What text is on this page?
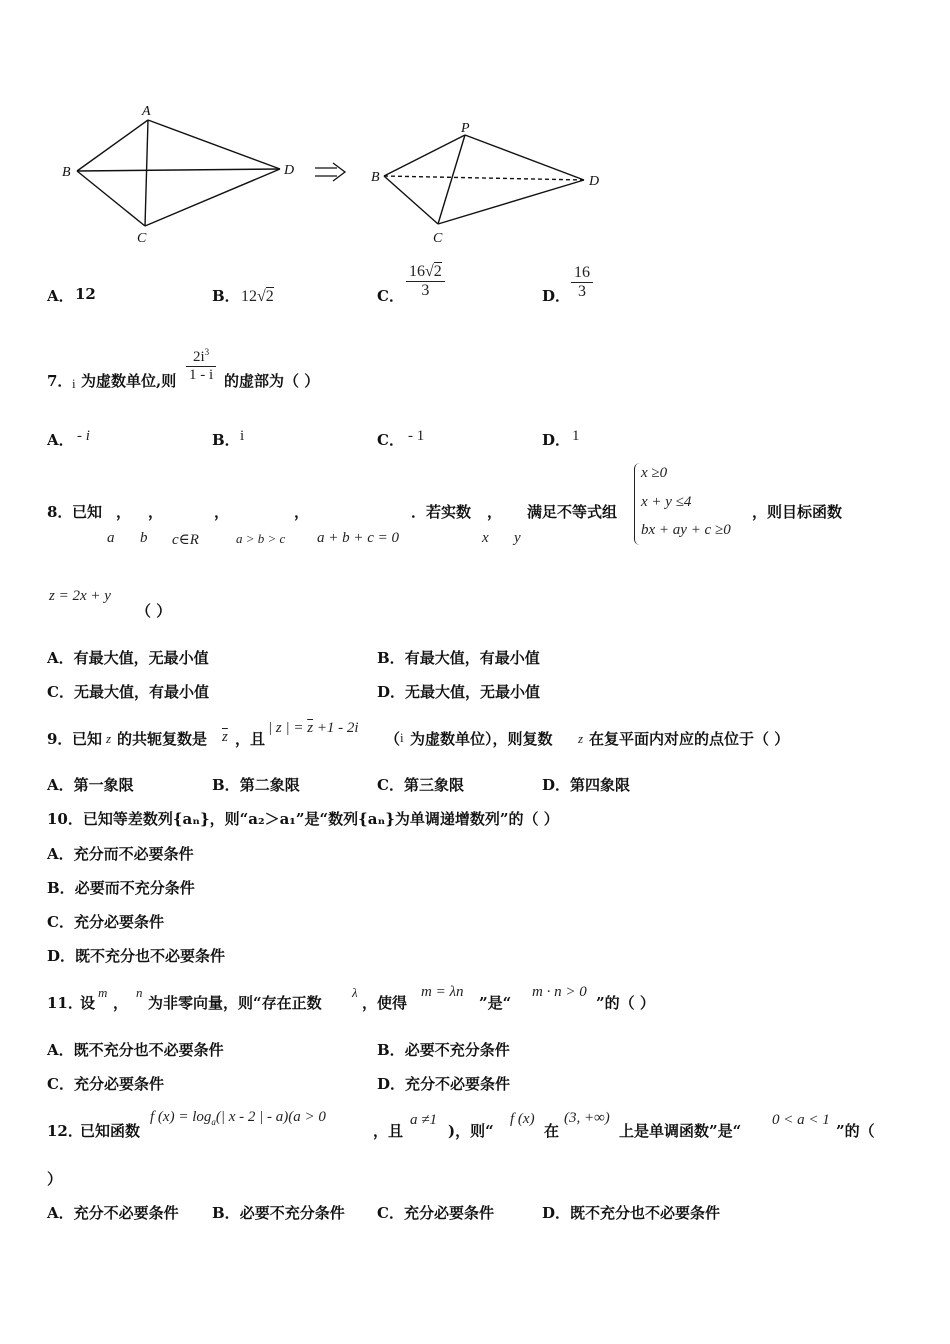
A
B
C
D
P
B
C
D
A． 12	B． 12√2	C． $\frac{16√2}{3}$	D． $\frac{16}{3}$
7． i 为虚数单位,则 $\frac{2i^3}{1 - i}$ 的虚部为（ ）
A． - i	B． i	C． - 1	D． 1
8． 已知 ， ，	，	，	．若实数 ， 满足不等式组	，则目标函数
a b c∈R	a > b > c a + b + c = 0	x y
x ≥0
x + y ≤4
bx + ay + c ≥0
z = 2x + y
（ ）
A．有最大值，无最小值	B．有最大值，有最小值
C．无最大值，有最小值	D．无最大值，无最小值
9． 已知 z 的共轭复数是 $\overline{z}$ ，且
| z | = $\overline{z} +1 - 2i$
（ i 为虚数单位），则复数 z 在复平面内对应的点位于（ ）
A．第一象限	B．第二象限	C．第三象限	D．第四象限
10．已知等差数列{aₙ}，则“a₂＞a₁”是“数列{aₙ}为单调递增数列”的（ ）
A．充分而不必要条件
B．必要而不充分条件
C．充分必要条件
D．既不充分也不必要条件
11．
设
m
，
n
为非零向量，则“存在正数
λ
，使得
m = λn
”是“
m · n > 0
”的（ ）
A．既不充分也不必要条件	B．必要不充分条件
C．充分必要条件	D．充分不必要条件
12．
已知函数
f $(x) = \log_a(|$ x - 2 | - a)(a > 0
，且
a ≠1
)，则“
f (x)
在
(3, +∞)
上是单调函数”是“
0 < a < 1
”的（
）
A．充分不必要条件 B．必要不充分条件 C．充分必要条件	D．既不充分也不必要条件
